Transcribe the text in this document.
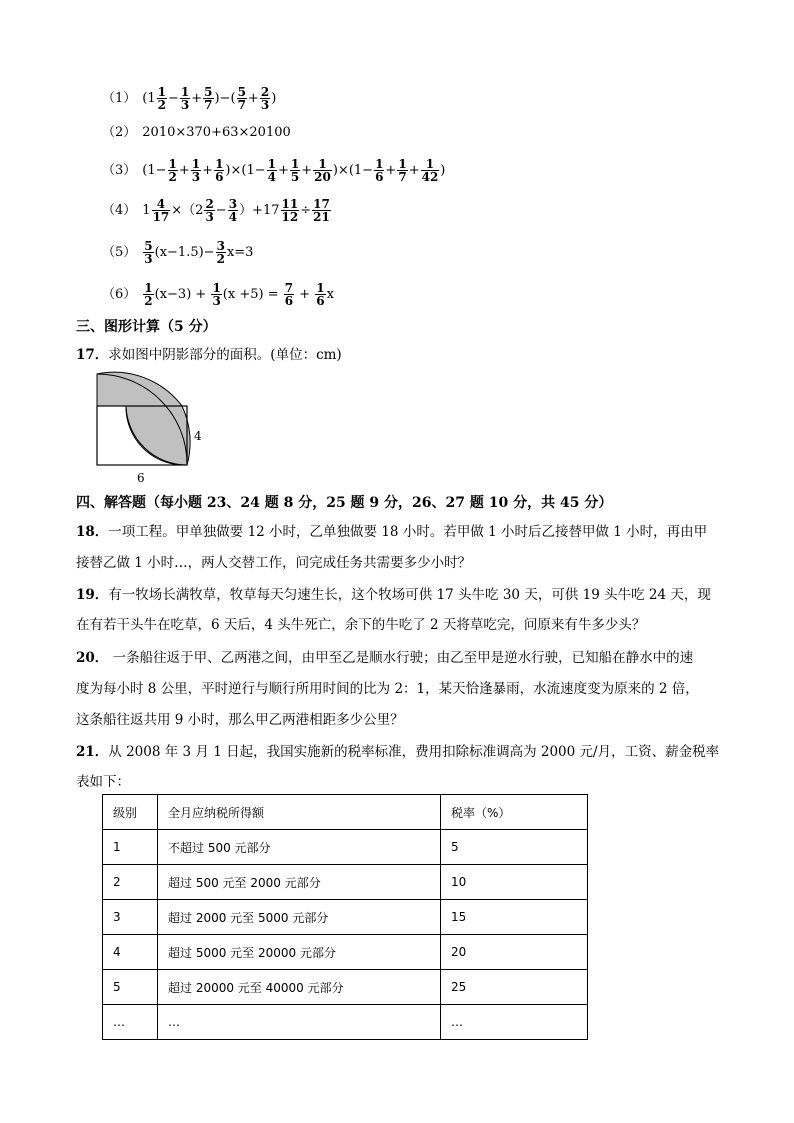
（1） ($1 \frac{1}{2} - \frac{1}{3} + \frac{5}{7}$ )−( $\frac{5}{7} + \frac{2}{3}$ )
（2） 2010×370+63×20100
（3） $(1- \frac{1}{2} + \frac{1}{3} + \frac{1}{6} )\times(1- \frac{1}{4} + \frac{1}{5} + \frac{1}{20} )\times(1- \frac{1}{6} + \frac{1}{7} + \frac{1}{42}$ )
（4） $1 \frac{4}{17} \times(2 \frac{2}{3} - \frac{3}{4} )+17 \frac{11}{12} \div \frac{17}{21}$
$(5) \frac{5}{3} (x-1.5)- \frac{3}{2} x=3$
$(6) \frac{1}{2} (x-3) + \frac{1}{3} (x +5) = \frac{7}{6} + \frac{1}{6}$ x
三、图形计算（5 分）
17．求如图中阴影部分的面积。(单位：cm)
4
6
四、解答题（每小题 23、24 题 8 分，25 题 9 分，26、27 题 10 分，共 45 分）
18．一项工程。甲单独做要 12 小时，乙单独做要 18 小时。若甲做 1 小时后乙接替甲做 1 小时，再由甲
接替乙做 1 小时…，两人交替工作，问完成任务共需要多少小时？
19．有一牧场长满牧草，牧草每天匀速生长，这个牧场可供 17 头牛吃 30 天，可供 19 头牛吃 24 天，现
在有若干头牛在吃草，6 天后，4 头牛死亡，余下的牛吃了 2 天将草吃完，问原来有牛多少头？
20． 一条船往返于甲、乙两港之间，由甲至乙是顺水行驶；由乙至甲是逆水行驶，已知船在静水中的速
度为每小时 8 公里，平时逆行与顺行所用时间的比为 2：1，某天恰逢暴雨，水流速度变为原来的 2 倍，
这条船往返共用 9 小时，那么甲乙两港相距多少公里？
21．从 2008 年 3 月 1 日起，我国实施新的税率标准，费用扣除标准调高为 2000 元/月，工资、薪金税率
表如下：
级别	全月应纳税所得额	税率（%）
1	不超过 500 元部分	5
2	超过 500 元至 2000 元部分	10
3	超过 2000 元至 5000 元部分	15
4	超过 5000 元至 20000 元部分	20
5	超过 20000 元至 40000 元部分	25
…	…	…
